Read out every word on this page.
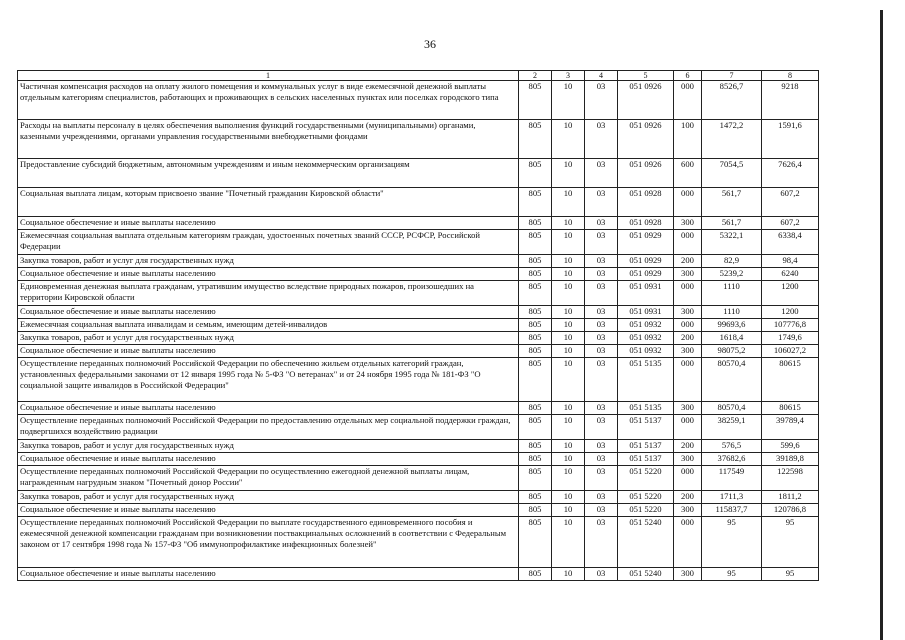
36
1	2	3	4	5	6	7	8
Частичная компенсация расходов на оплату жилого помещения и коммунальных услуг в виде ежемесячной денежной выплаты отдельным категориям специалистов, работающих и проживающих в сельских населенных пунктах или поселках городского типа	805	10	03	051 0926	000	8526,7	9218
Расходы на выплаты персоналу в целях обеспечения выполнения функций государственными (муниципальными) органами, казенными учреждениями, органами управления государственными внебюджетными фондами	805	10	03	051 0926	100	1472,2	1591,6
Предоставление субсидий бюджетным, автономным учреждениям и иным некоммерческим организациям	805	10	03	051 0926	600	7054,5	7626,4
Социальная выплата лицам, которым присвоено звание "Почетный гражданин Кировской области"	805	10	03	051 0928	000	561,7	607,2
Социальное обеспечение и иные выплаты населению	805	10	03	051 0928	300	561,7	607,2
Ежемесячная социальная выплата отдельным категориям граждан, удостоенных почетных званий СССР, РСФСР, Российской Федерации	805	10	03	051 0929	000	5322,1	6338,4
Закупка товаров, работ и услуг для государственных нужд	805	10	03	051 0929	200	82,9	98,4
Социальное обеспечение и иные выплаты населению	805	10	03	051 0929	300	5239,2	6240
Единовременная денежная выплата гражданам, утратившим имущество вследствие природных пожаров, произошедших на территории Кировской области	805	10	03	051 0931	000	1110	1200
Социальное обеспечение и иные выплаты населению	805	10	03	051 0931	300	1110	1200
Ежемесячная социальная выплата инвалидам и семьям, имеющим детей-инвалидов	805	10	03	051 0932	000	99693,6	107776,8
Закупка товаров, работ и услуг для государственных нужд	805	10	03	051 0932	200	1618,4	1749,6
Социальное обеспечение и иные выплаты населению	805	10	03	051 0932	300	98075,2	106027,2
Осуществление переданных полномочий Российской Федерации по обеспечению жильем отдельных категорий граждан, установленных федеральными законами от 12 января 1995 года № 5-ФЗ "О ветеранах" и от 24 ноября 1995 года № 181-ФЗ "О социальной защите инвалидов в Российской Федерации"	805	10	03	051 5135	000	80570,4	80615
Социальное обеспечение и иные выплаты населению	805	10	03	051 5135	300	80570,4	80615
Осуществление переданных полномочий Российской Федерации по предоставлению отдельных мер социальной поддержки граждан, подвергшихся воздействию радиации	805	10	03	051 5137	000	38259,1	39789,4
Закупка товаров, работ и услуг для государственных нужд	805	10	03	051 5137	200	576,5	599,6
Социальное обеспечение и иные выплаты населению	805	10	03	051 5137	300	37682,6	39189,8
Осуществление переданных полномочий Российской Федерации по осуществлению ежегодной денежной выплаты лицам, награжденным нагрудным знаком "Почетный донор России"	805	10	03	051 5220	000	117549	122598
Закупка товаров, работ и услуг для государственных нужд	805	10	03	051 5220	200	1711,3	1811,2
Социальное обеспечение и иные выплаты населению	805	10	03	051 5220	300	115837,7	120786,8
Осуществление переданных полномочий Российской Федерации по выплате государственного единовременного пособия и ежемесячной денежной компенсации гражданам при возникновении поствакцинальных осложнений в соответствии с Федеральным законом от 17 сентября 1998 года № 157-ФЗ "Об иммунопрофилактике инфекционных болезней"	805	10	03	051 5240	000	95	95
Социальное обеспечение и иные выплаты населению	805	10	03	051 5240	300	95	95
